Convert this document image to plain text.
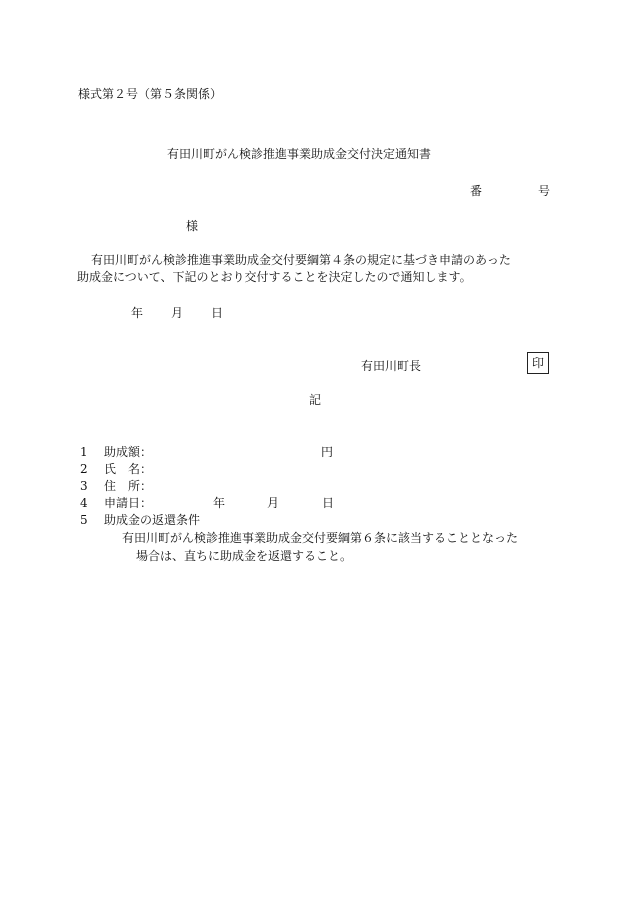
様式第２号（第５条関係）
有田川町がん検診推進事業助成金交付決定通知書
番	号
様

有田川町がん検診推進事業助成金交付要綱第４条の規定に基づき申請のあった

助成金について、下記のとおり交付することを決定したので通知します。

年 月 日
有田川町長	印
記
1 助成額：	円
2 氏　名：
3 住　所：
4 申請日：	年	月	日
5 助成金の返還条件

有田川町がん検診推進事業助成金交付要綱第６条に該当することとなった

場合は、直ちに助成金を返還すること。
